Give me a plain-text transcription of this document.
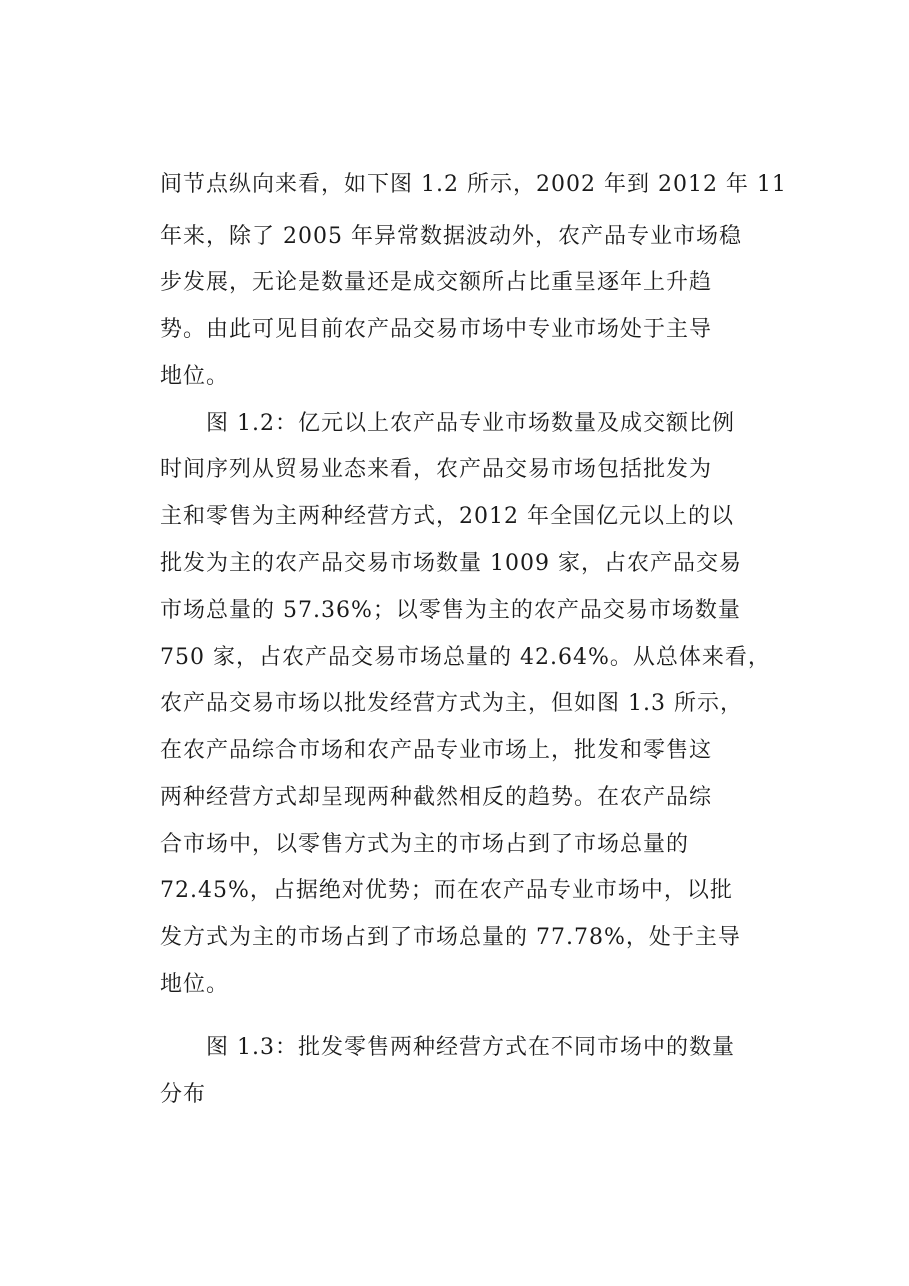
间节点纵向来看，如下图 1.2 所示，2002 年到 2012 年 11
年来，除了 2005 年异常数据波动外，农产品专业市场稳
步发展，无论是数量还是成交额所占比重呈逐年上升趋
势。由此可见目前农产品交易市场中专业市场处于主导
地位。
图 1.2：亿元以上农产品专业市场数量及成交额比例
时间序列从贸易业态来看，农产品交易市场包括批发为
主和零售为主两种经营方式，2012 年全国亿元以上的以
批发为主的农产品交易市场数量 1009 家，占农产品交易
市场总量的 57.36%；以零售为主的农产品交易市场数量
750 家，占农产品交易市场总量的 42.64%。从总体来看，
农产品交易市场以批发经营方式为主，但如图 1.3 所示，
在农产品综合市场和农产品专业市场上，批发和零售这
两种经营方式却呈现两种截然相反的趋势。在农产品综
合市场中，以零售方式为主的市场占到了市场总量的
72.45%，占据绝对优势；而在农产品专业市场中，以批
发方式为主的市场占到了市场总量的 77.78%，处于主导
地位。
图 1.3：批发零售两种经营方式在不同市场中的数量
分布
